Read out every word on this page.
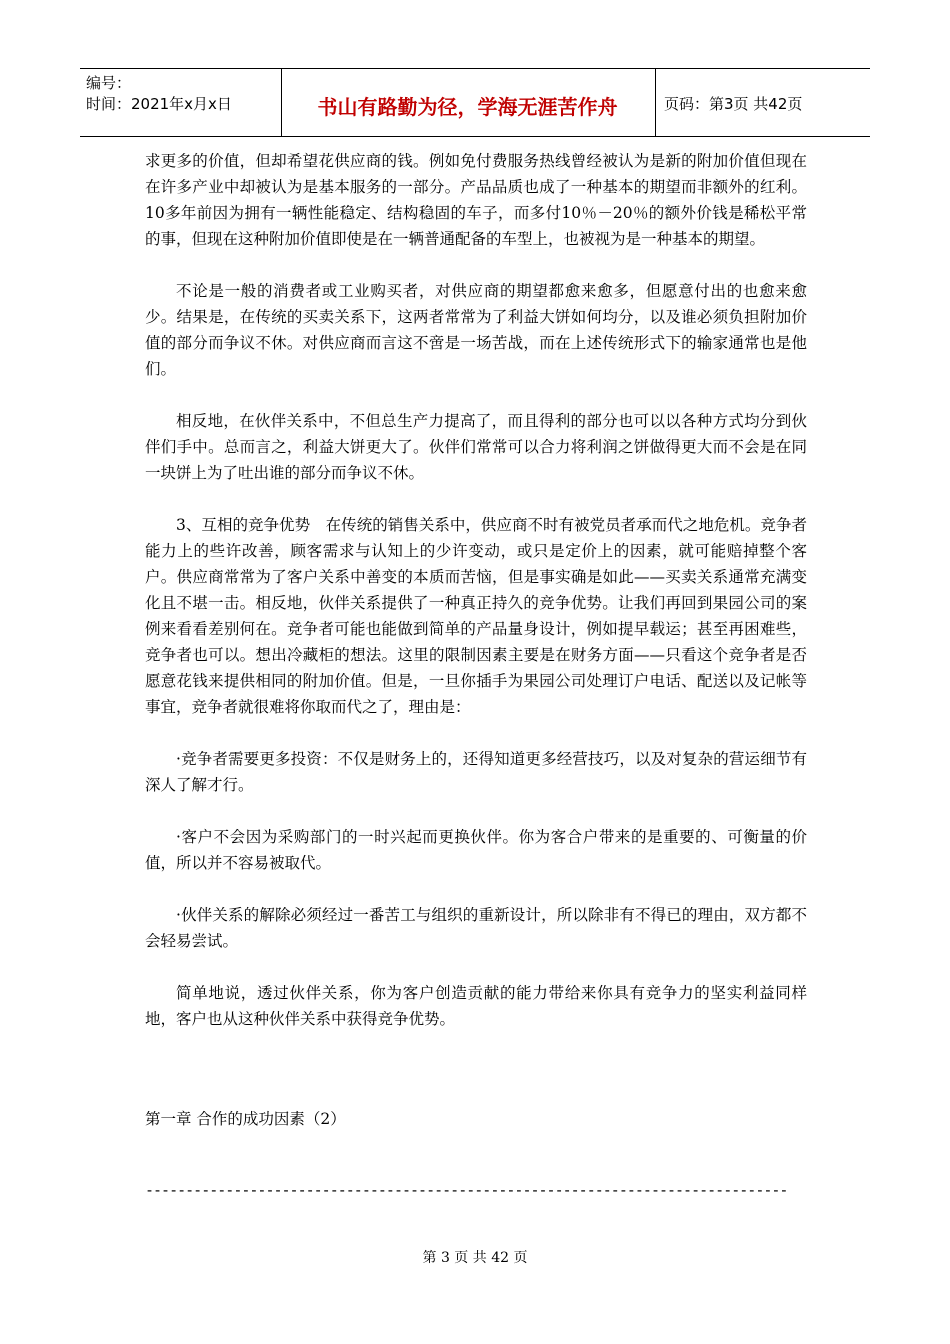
编号：
时间：2021年x月x日	书山有路勤为径，学海无涯苦作舟	页码：第3页 共42页

求更多的价值，但却希望花供应商的钱。例如免付费服务热线曾经被认为是新的附加价值但现在在许多产业中却被认为是基本服务的一部分。产品品质也成了一种基本的期望而非额外的红利。10多年前因为拥有一辆性能稳定、结构稳固的车子，而多付10％－20％的额外价钱是稀松平常的事，但现在这种附加价值即使是在一辆普通配备的车型上，也被视为是一种基本的期望。

不论是一般的消费者或工业购买者，对供应商的期望都愈来愈多，但愿意付出的也愈来愈少。结果是，在传统的买卖关系下，这两者常常为了利益大饼如何均分，以及谁必须负担附加价值的部分而争议不休。对供应商而言这不啻是一场苦战，而在上述传统形式下的输家通常也是他们。

相反地，在伙伴关系中，不但总生产力提高了，而且得利的部分也可以以各种方式均分到伙伴们手中。总而言之，利益大饼更大了。伙伴们常常可以合力将利润之饼做得更大而不会是在同一块饼上为了吐出谁的部分而争议不休。

3、互相的竞争优势　在传统的销售关系中，供应商不时有被党员者承而代之地危机。竞争者能力上的些许改善，顾客需求与认知上的少许变动，或只是定价上的因素，就可能赔掉整个客户。供应商常常为了客户关系中善变的本质而苦恼，但是事实确是如此——买卖关系通常充满变化且不堪一击。相反地，伙伴关系提供了一种真正持久的竞争优势。让我们再回到果园公司的案例来看看差别何在。竞争者可能也能做到简单的产品量身设计，例如提早载运；甚至再困难些，竞争者也可以。想出冷藏柜的想法。这里的限制因素主要是在财务方面——只看这个竞争者是否愿意花钱来提供相同的附加价值。但是，一旦你插手为果园公司处理订户电话、配送以及记帐等事宜，竞争者就很难将你取而代之了，理由是：

·竞争者需要更多投资：不仅是财务上的，还得知道更多经营技巧，以及对复杂的营运细节有深人了解才行。

·客户不会因为采购部门的一时兴起而更换伙伴。你为客合户带来的是重要的、可衡量的价值，所以并不容易被取代。

·伙伴关系的解除必须经过一番苦工与组织的重新设计，所以除非有不得已的理由，双方都不会轻易尝试。

简单地说，透过伙伴关系，你为客户创造贡献的能力带给来你具有竞争力的坚实利益同样地，客户也从这种伙伴关系中获得竞争优势。

第一章 合作的成功因素（2）
--------------------------------------------------------------------------------
第 3 页 共 42 页
